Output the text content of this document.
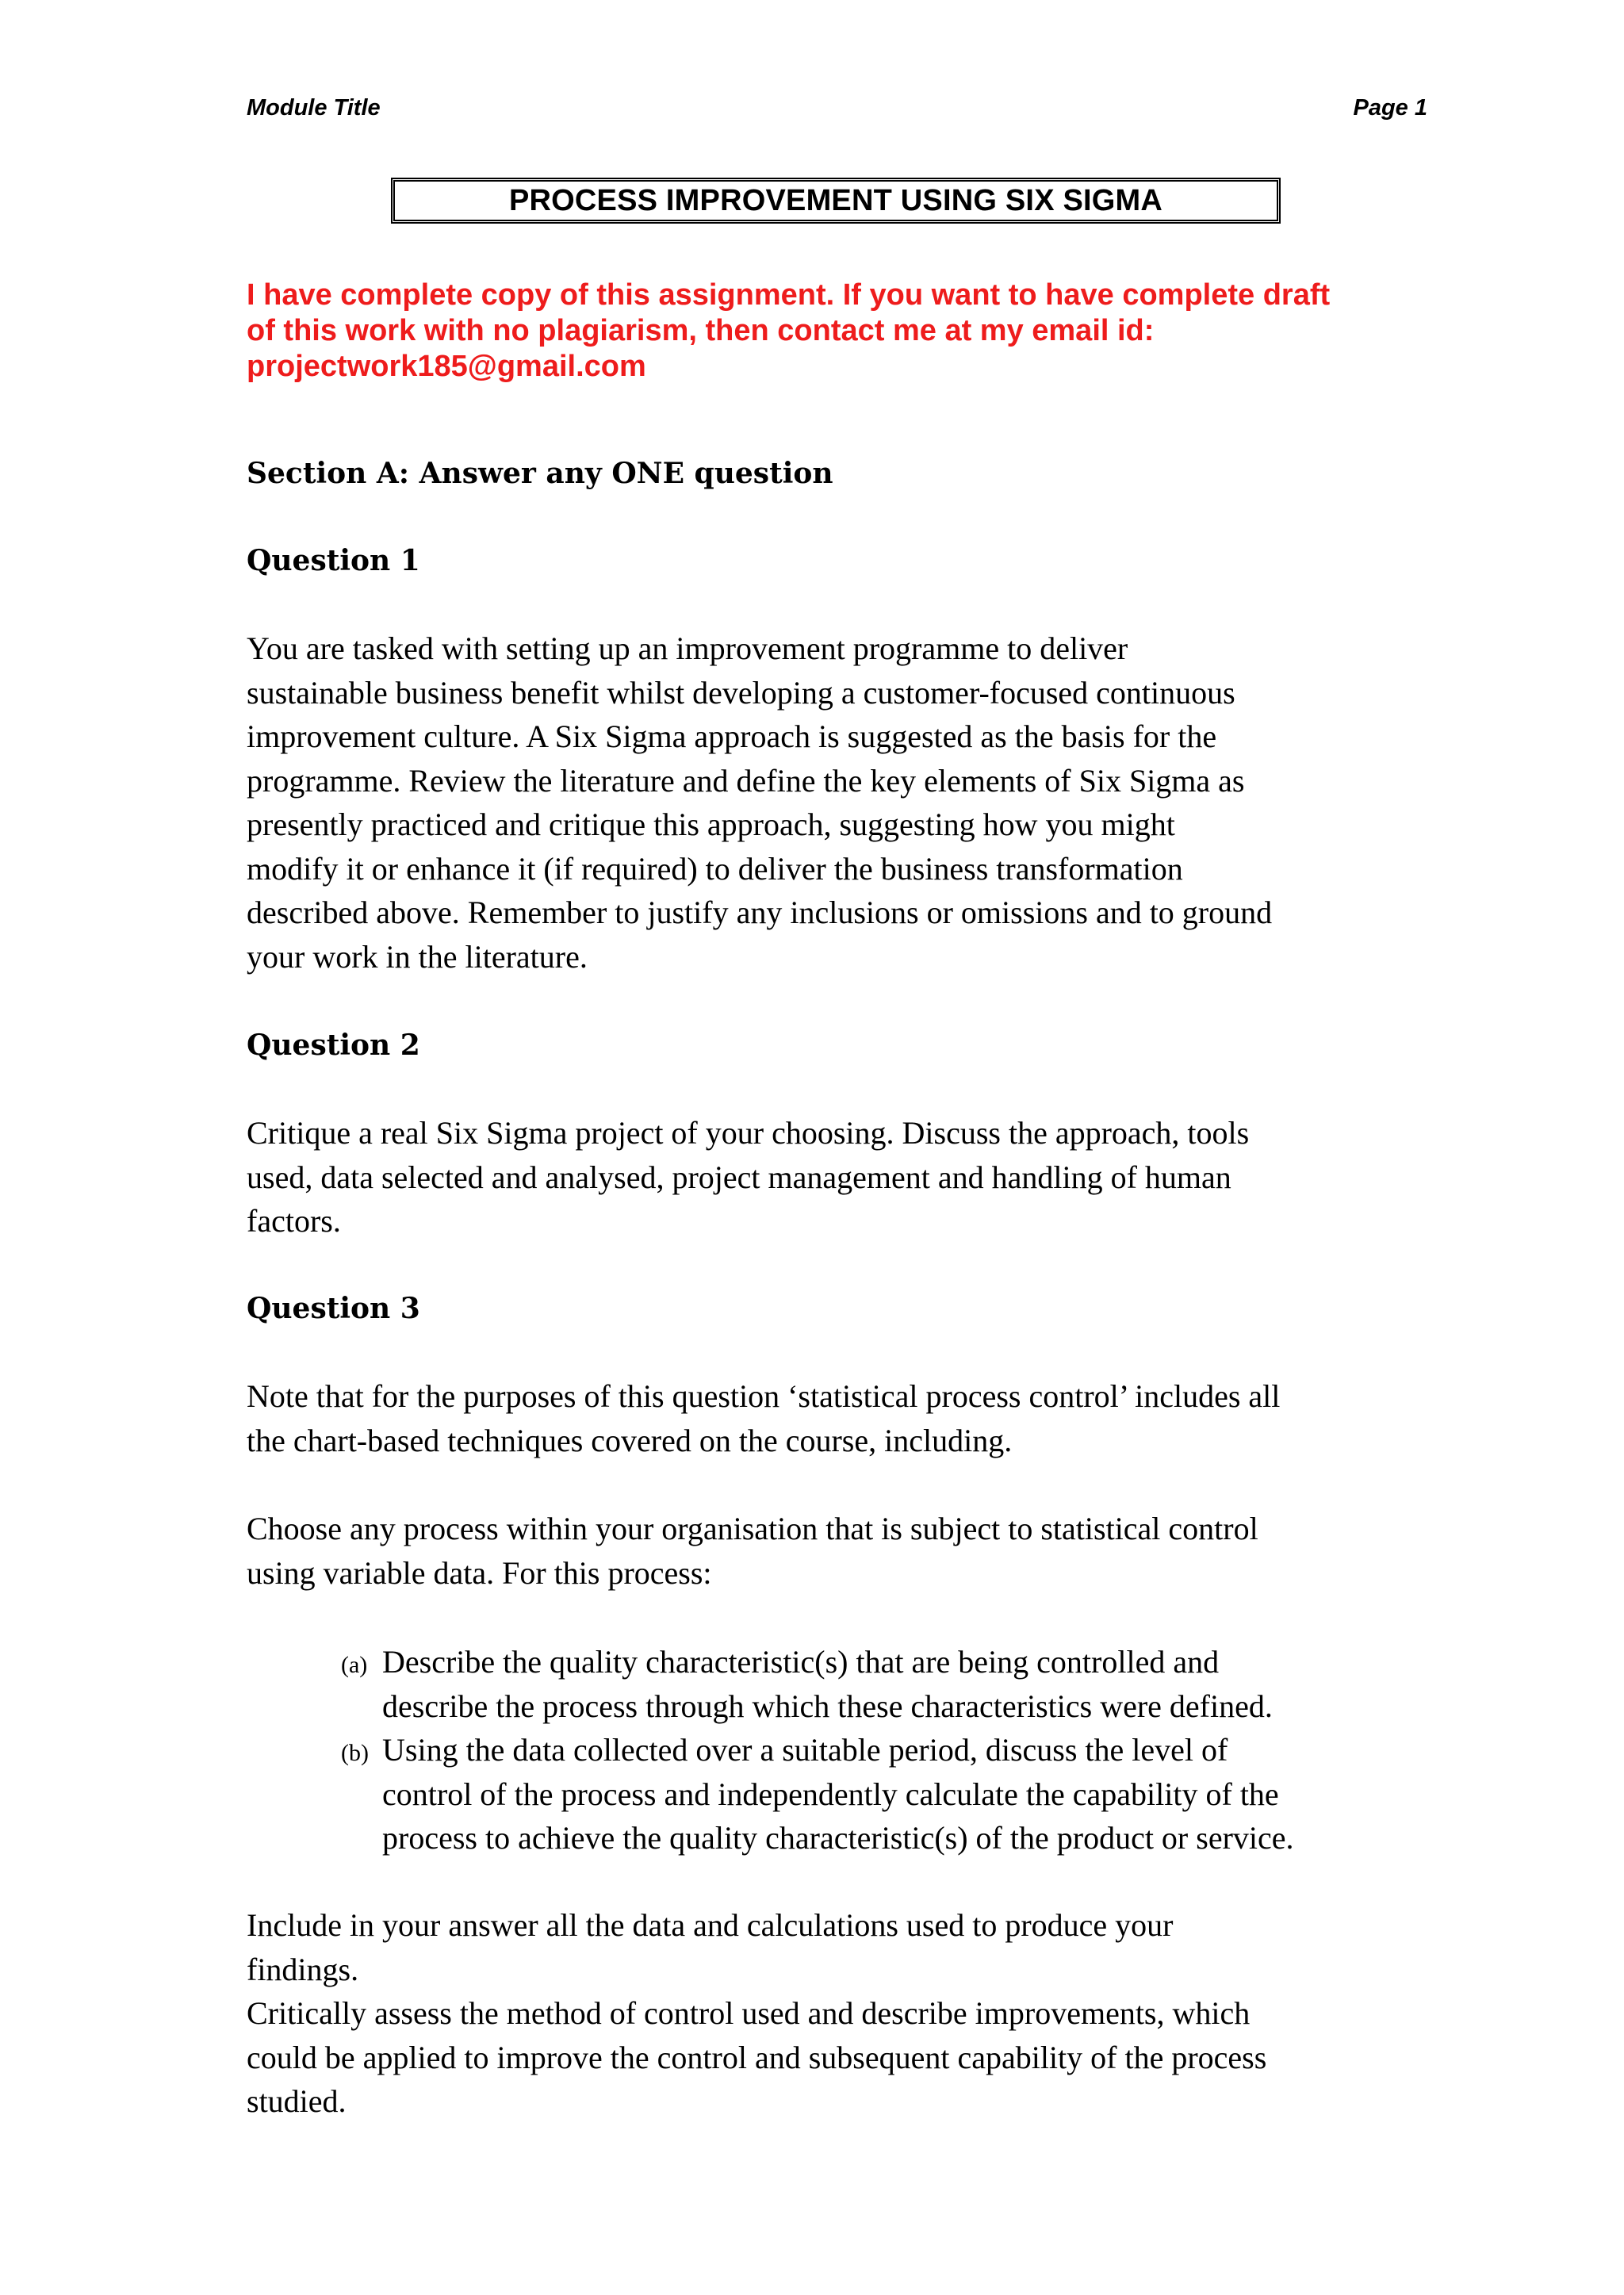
Module Title	Page 1
PROCESS IMPROVEMENT USING SIX SIGMA
I have complete copy of this assignment. If you want to have complete draft
of this work with no plagiarism, then contact me at my email id:
projectwork185@gmail.com
Section A: Answer any ONE question
Question 1
You are tasked with setting up an improvement programme to deliver
sustainable business benefit whilst developing a customer-focused continuous
improvement culture. A Six Sigma approach is suggested as the basis for the
programme. Review the literature and define the key elements of Six Sigma as
presently practiced and critique this approach, suggesting how you might
modify it or enhance it (if required) to deliver the business transformation
described above. Remember to justify any inclusions or omissions and to ground
your work in the literature.
Question 2
Critique a real Six Sigma project of your choosing. Discuss the approach, tools
used, data selected and analysed, project management and handling of human
factors.
Question 3
Note that for the purposes of this question ‘statistical process control’ includes all
the chart-based techniques covered on the course, including.
Choose any process within your organisation that is subject to statistical control
using variable data. For this process:
(a) Describe the quality characteristic(s) that are being controlled and
describe the process through which these characteristics were defined.
(b) Using the data collected over a suitable period, discuss the level of
control of the process and independently calculate the capability of the
process to achieve the quality characteristic(s) of the product or service.
Include in your answer all the data and calculations used to produce your
findings.
Critically assess the method of control used and describe improvements, which
could be applied to improve the control and subsequent capability of the process
studied.
